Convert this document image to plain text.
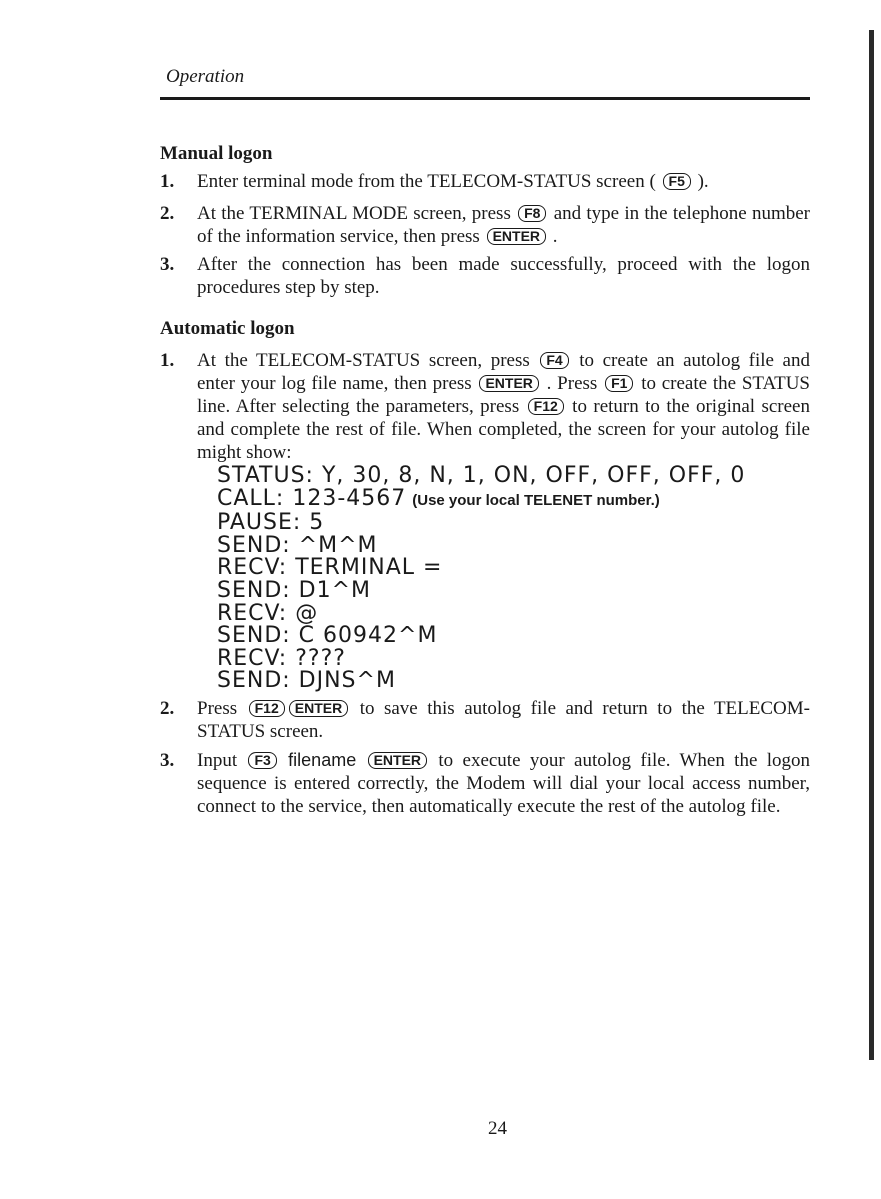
Operation
Manual logon
1.	Enter terminal mode from the TELECOM-STATUS screen ( F5 ).
2.	At the TERMINAL MODE screen, press F8 and type in the telephone number of the information service, then press ENTER .
3.	After the connection has been made successfully, proceed with the logon procedures step by step.
Automatic logon
1.	At the TELECOM-STATUS screen, press F4 to create an autolog file and enter your log file name, then press ENTER . Press F1 to create the STATUS line. After selecting the parameters, press F12 to return to the original screen and complete the rest of file. When completed, the screen for your autolog file might show:
STATUS: Y, 30, 8, N, 1, ON, OFF, OFF, OFF, 0
CALL: 123-4567 (Use your local TELENET number.)
PAUSE: 5
SEND: ^M^M
RECV: TERMINAL =
SEND: D1^M
RECV: @
SEND: C 60942^M
RECV: ????
SEND: DJNS^M
2.	Press F12 ENTER to save this autolog file and return to the TELECOM-STATUS screen.
3.	Input F3 filename ENTER to execute your autolog file. When the logon sequence is entered correctly, the Modem will dial your local access number, connect to the service, then automatically execute the rest of the autolog file.
24
